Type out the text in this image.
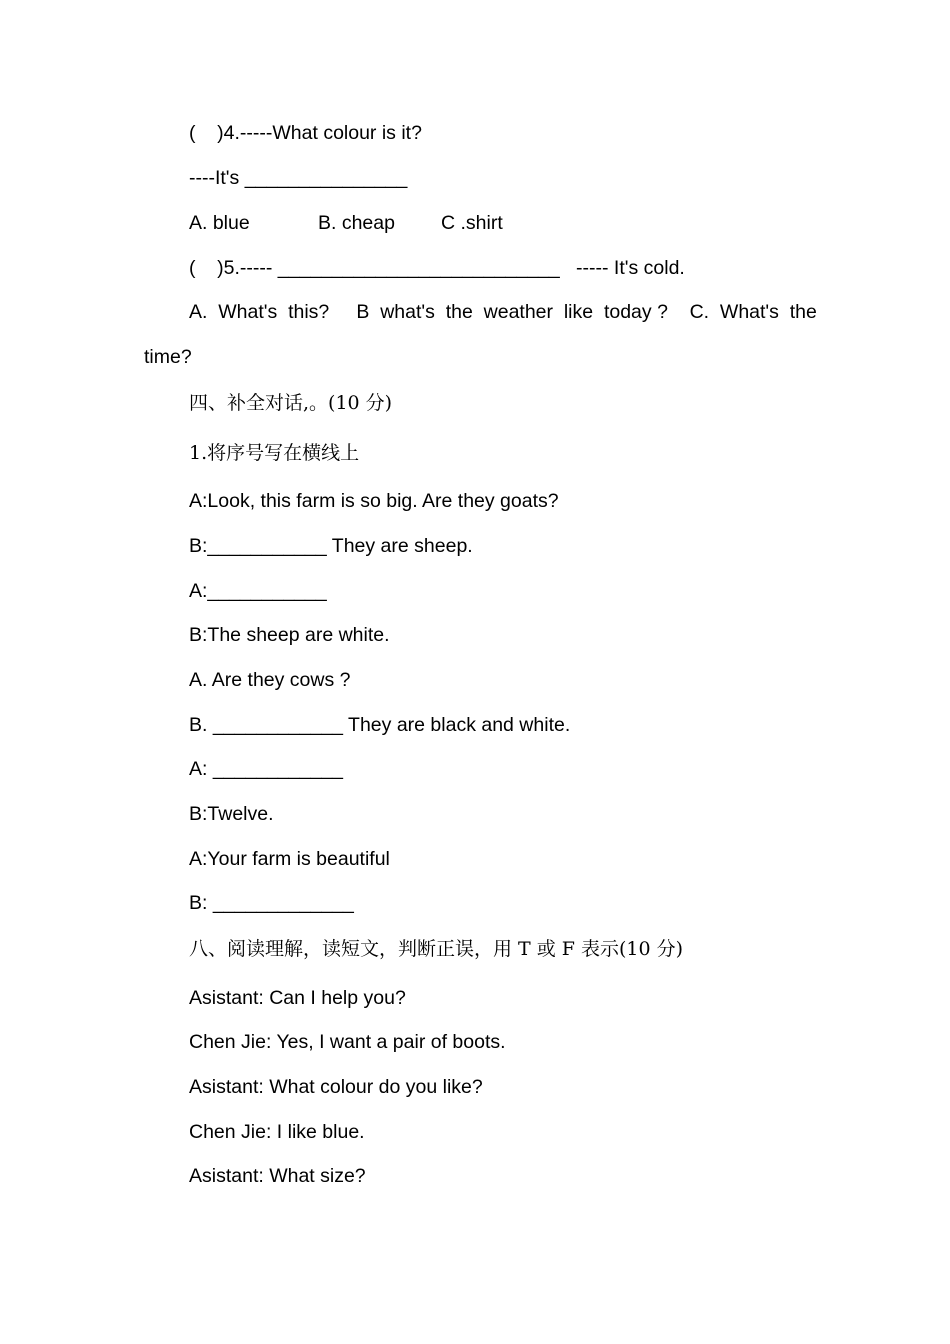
(    )4.-----What colour is it?

----It's _______________

A. blue	B. cheap C .shirt

(    )5.----- __________________________   ----- It's cold.

A.  What's  this?     B  what's  the  weather  like  today ?    C.  What's  the

time?

四、补全对话,。(10 分)

1.将序号写在横线上

A:Look, this farm is so big. Are they goats?

B:___________ They are sheep.

A:___________

B:The sheep are white.

A. Are they cows ?

B. ____________ They are black and white.

A: ____________

B:Twelve.

A:Your farm is beautiful

B: _____________

八、阅读理解，读短文，判断正误，用 T 或 F 表示(10 分)

Asistant: Can I help you?

Chen Jie: Yes, I want a pair of boots.

Asistant: What colour do you like?

Chen Jie: I like blue.

Asistant: What size?
